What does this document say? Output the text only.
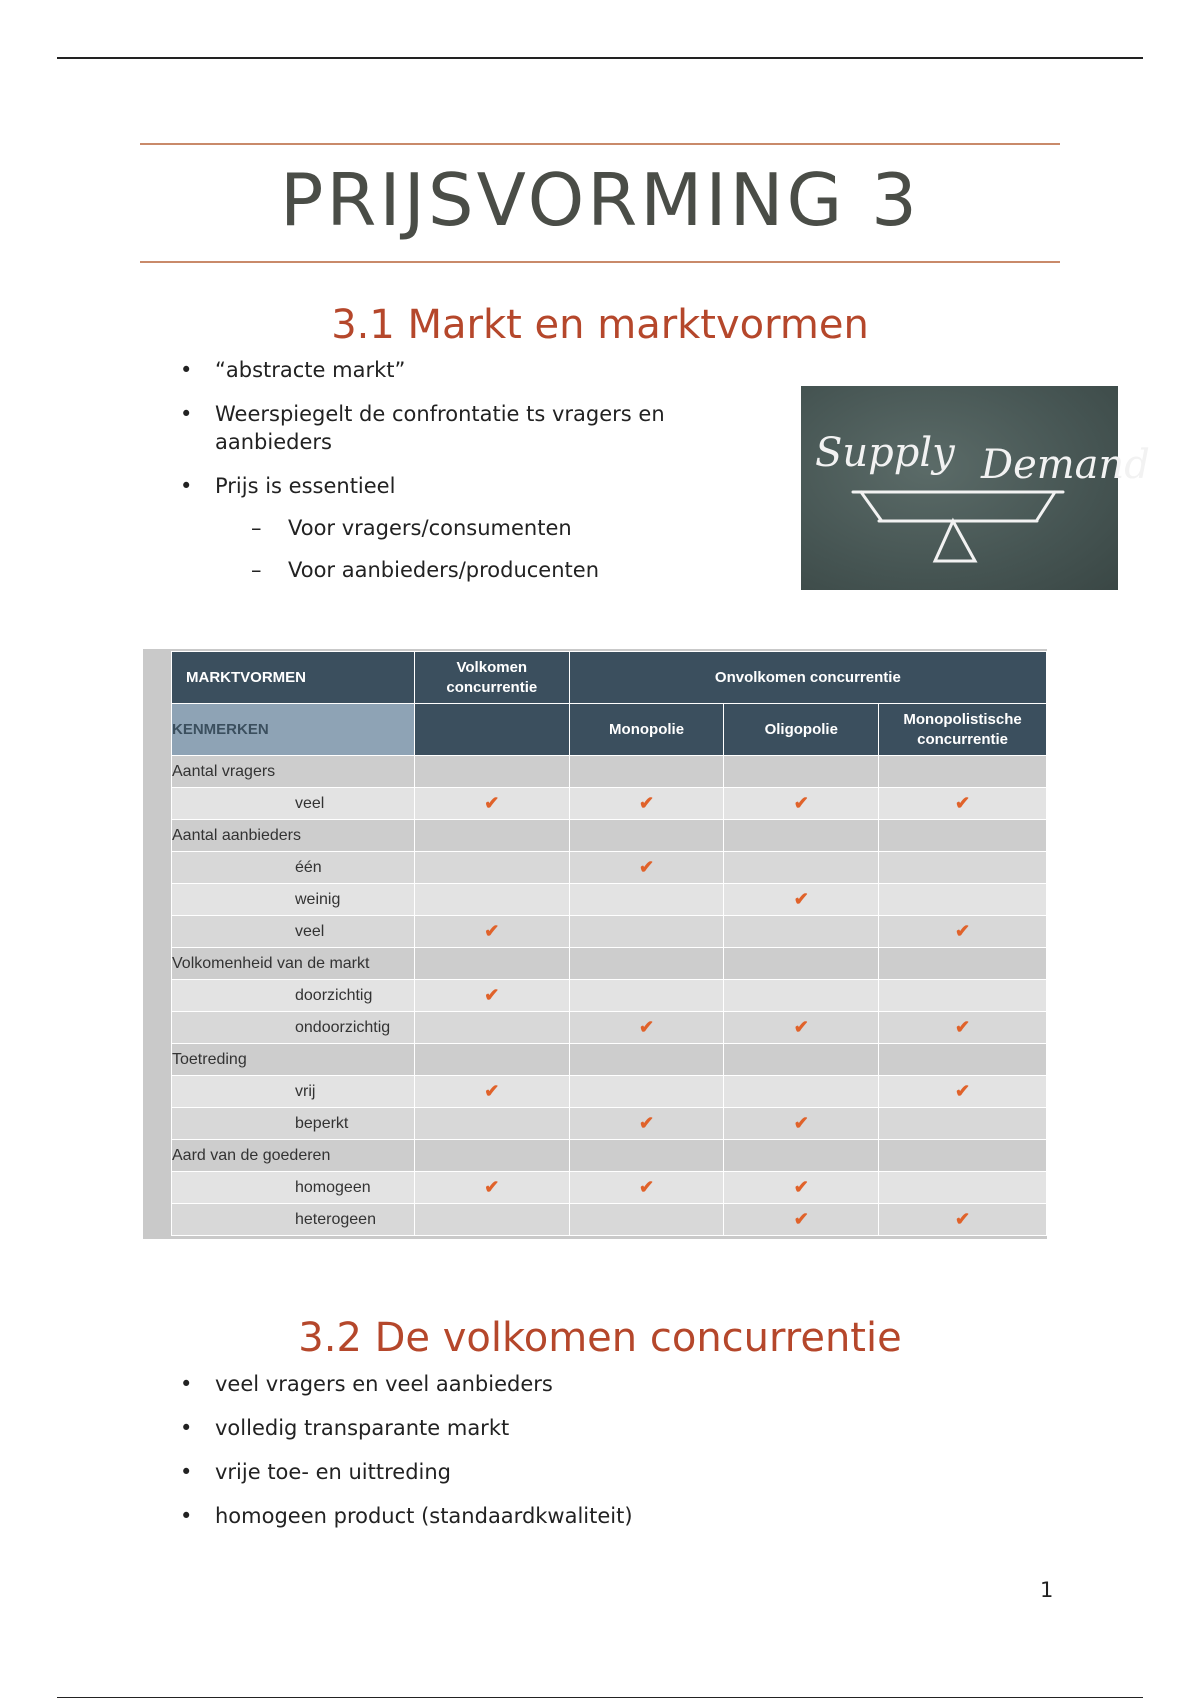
PRIJSVORMING 3
3.1 Markt en marktvormen
• “abstracte markt”
• Weerspiegelt de confrontatie ts vragers en aanbieders
• Prijs is essentieel
– Voor vragers/consumenten
– Voor aanbieders/producenten
Supply Demand
MARKTVORMEN	Volkomen concurrentie	Onvolkomen concurrentie		
KENMERKEN		Monopolie	Oligopolie	Monopolistische concurrentie
Aantal vragers				
veel	✔	✔	✔	✔
Aantal aanbieders				
één		✔		
weinig			✔	
veel	✔			✔
Volkomenheid van de markt				
doorzichtig	✔			
ondoorzichtig		✔	✔	✔
Toetreding				
vrij	✔			✔
beperkt		✔	✔	
Aard van de goederen				
homogeen	✔	✔	✔	
heterogeen			✔	✔
3.2 De volkomen concurrentie
• veel vragers en veel aanbieders
• volledig transparante markt
• vrije toe- en uittreding
• homogeen product (standaardkwaliteit)
1
